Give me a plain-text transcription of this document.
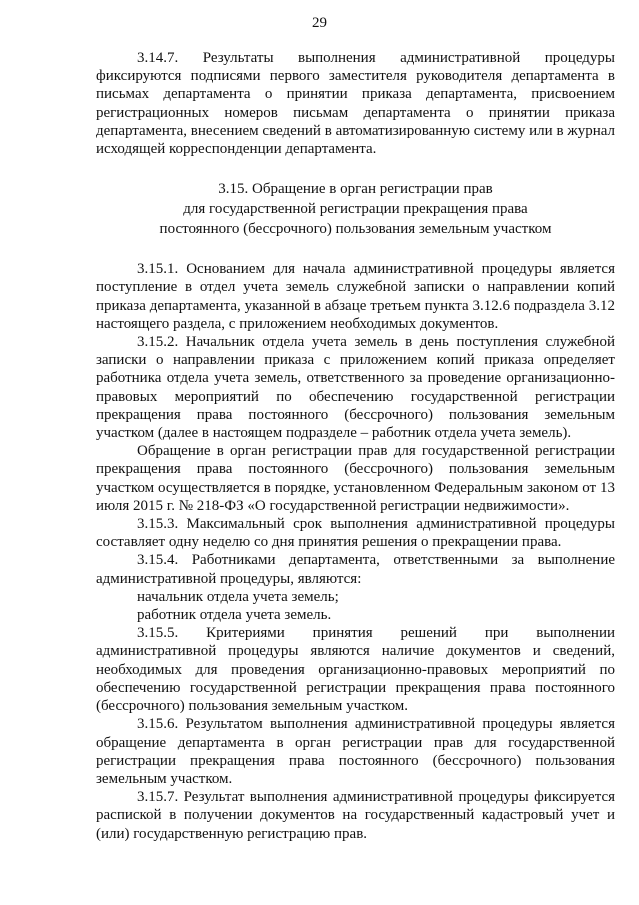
29

3.14.7. Результаты выполнения административной процедуры фиксируются подписями первого заместителя руководителя департамента в письмах департамента о принятии приказа департамента, присвоением регистрационных номеров письмам департамента о принятии приказа департамента, внесением сведений в автоматизированную систему или в журнал исходящей корреспонденции департамента.

3.15. Обращение в орган регистрации прав
для государственной регистрации прекращения права
постоянного (бессрочного) пользования земельным участком

3.15.1. Основанием для начала административной процедуры является поступление в отдел учета земель служебной записки о направлении копий приказа департамента, указанной в абзаце третьем пункта 3.12.6 подраздела 3.12 настоящего раздела, с приложением необходимых документов.

3.15.2. Начальник отдела учета земель в день поступления служебной записки о направлении приказа с приложением копий приказа определяет работника отдела учета земель, ответственного за проведение организационно-правовых мероприятий по обеспечению государственной регистрации прекращения права постоянного (бессрочного) пользования земельным участком (далее в настоящем подразделе – работник отдела учета земель).

Обращение в орган регистрации прав для государственной регистрации прекращения права постоянного (бессрочного) пользования земельным участком осуществляется в порядке, установленном Федеральным законом от 13 июля 2015 г. № 218-ФЗ «О государственной регистрации недвижимости».

3.15.3. Максимальный срок выполнения административной процедуры составляет одну неделю со дня принятия решения о прекращении права.

3.15.4. Работниками департамента, ответственными за выполнение административной процедуры, являются:

начальник отдела учета земель;

работник отдела учета земель.

3.15.5. Критериями принятия решений при выполнении административной процедуры являются наличие документов и сведений, необходимых для проведения организационно-правовых мероприятий по обеспечению государственной регистрации прекращения права постоянного (бессрочного) пользования земельным участком.

3.15.6. Результатом выполнения административной процедуры является обращение департамента в орган регистрации прав для государственной регистрации прекращения права постоянного (бессрочного) пользования земельным участком.

3.15.7. Результат выполнения административной процедуры фиксируется распиской в получении документов на государственный кадастровый учет и (или) государственную регистрацию прав.
